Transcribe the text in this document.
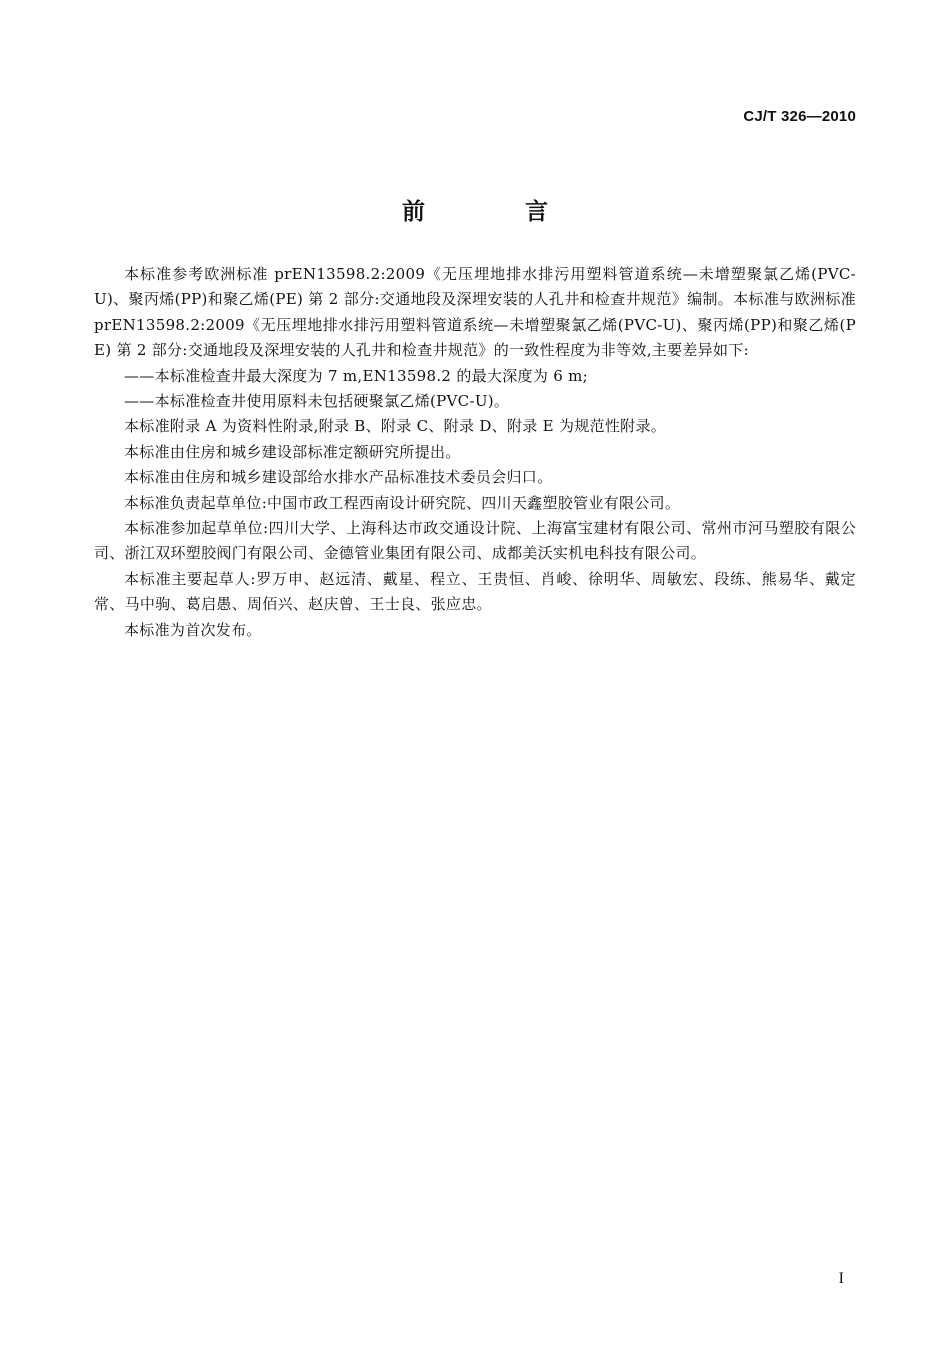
CJ/T 326—2010
前 言

本标准参考欧洲标准 prEN13598.2:2009《无压埋地排水排污用塑料管道系统—未增塑聚氯乙烯(PVC-U)、聚丙烯(PP)和聚乙烯(PE) 第 2 部分:交通地段及深埋安装的人孔井和检查井规范》编制。本标准与欧洲标准 prEN13598.2:2009《无压埋地排水排污用塑料管道系统—未增塑聚氯乙烯(PVC-U)、聚丙烯(PP)和聚乙烯(PE) 第 2 部分:交通地段及深埋安装的人孔井和检查井规范》的一致性程度为非等效,主要差异如下:

——本标准检查井最大深度为 7 m,EN13598.2 的最大深度为 6 m;

——本标准检查井使用原料未包括硬聚氯乙烯(PVC-U)。

本标准附录 A 为资料性附录,附录 B、附录 C、附录 D、附录 E 为规范性附录。

本标准由住房和城乡建设部标准定额研究所提出。

本标准由住房和城乡建设部给水排水产品标准技术委员会归口。

本标准负责起草单位:中国市政工程西南设计研究院、四川天鑫塑胶管业有限公司。

本标准参加起草单位:四川大学、上海科达市政交通设计院、上海富宝建材有限公司、常州市河马塑胶有限公司、浙江双环塑胶阀门有限公司、金德管业集团有限公司、成都美沃实机电科技有限公司。

本标准主要起草人:罗万申、赵远清、戴星、程立、王贵恒、肖峻、徐明华、周敏宏、段练、熊易华、戴定常、马中驹、葛启愚、周佰兴、赵庆曾、王士良、张应忠。

本标准为首次发布。

I
